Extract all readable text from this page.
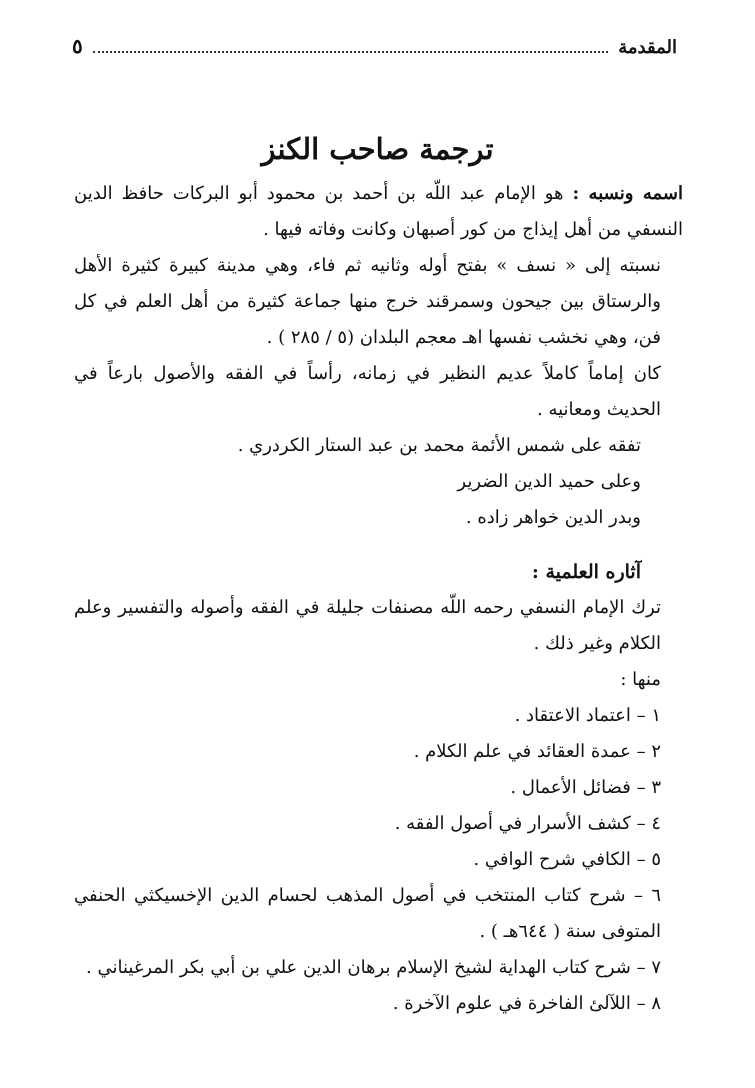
المقدمة
٥
ترجمة صاحب الكنز

اسمه ونسبه : هو الإمام عبد اللّه بن أحمد بن محمود أبو البركات حافظ الدين النسفي من أهل إيذاج من كور أصبهان وكانت وفاته فيها .

نسبته إلى « نسف » بفتح أوله وثانيه ثم فاء، وهي مدينة كبيرة كثيرة الأهل والرستاق بين جيحون وسمرقند خرج منها جماعة كثيرة من أهل العلم في كل فن، وهي نخشب نفسها اهـ معجم البلدان (٥ / ٢٨٥ ) .

كان إماماً كاملاً عديم النظير في زمانه، رأساً في الفقه والأصول بارعاً في الحديث ومعانيه .

تفقه على شمس الأئمة محمد بن عبد الستار الكردري .

وعلى حميد الدين الضرير

وبدر الدين خواهر زاده .

آثاره العلمية :

ترك الإمام النسفي رحمه اللّه مصنفات جليلة في الفقه وأصوله والتفسير وعلم الكلام وغير ذلك .

منها :

١ – اعتماد الاعتقاد .

٢ – عمدة العقائد في علم الكلام .

٣ – فضائل الأعمال .

٤ – كشف الأسرار في أصول الفقه .

٥ – الكافي شرح الوافي .

٦ – شرح كتاب المنتخب في أصول المذهب لحسام الدين الإخسيكثي الحنفي المتوفى سنة ( ٦٤٤هـ ) .

٧ – شرح كتاب الهداية لشيخ الإسلام برهان الدين علي بن أبي بكر المرغيناني .

٨ – اللآلئ الفاخرة في علوم الآخرة .
